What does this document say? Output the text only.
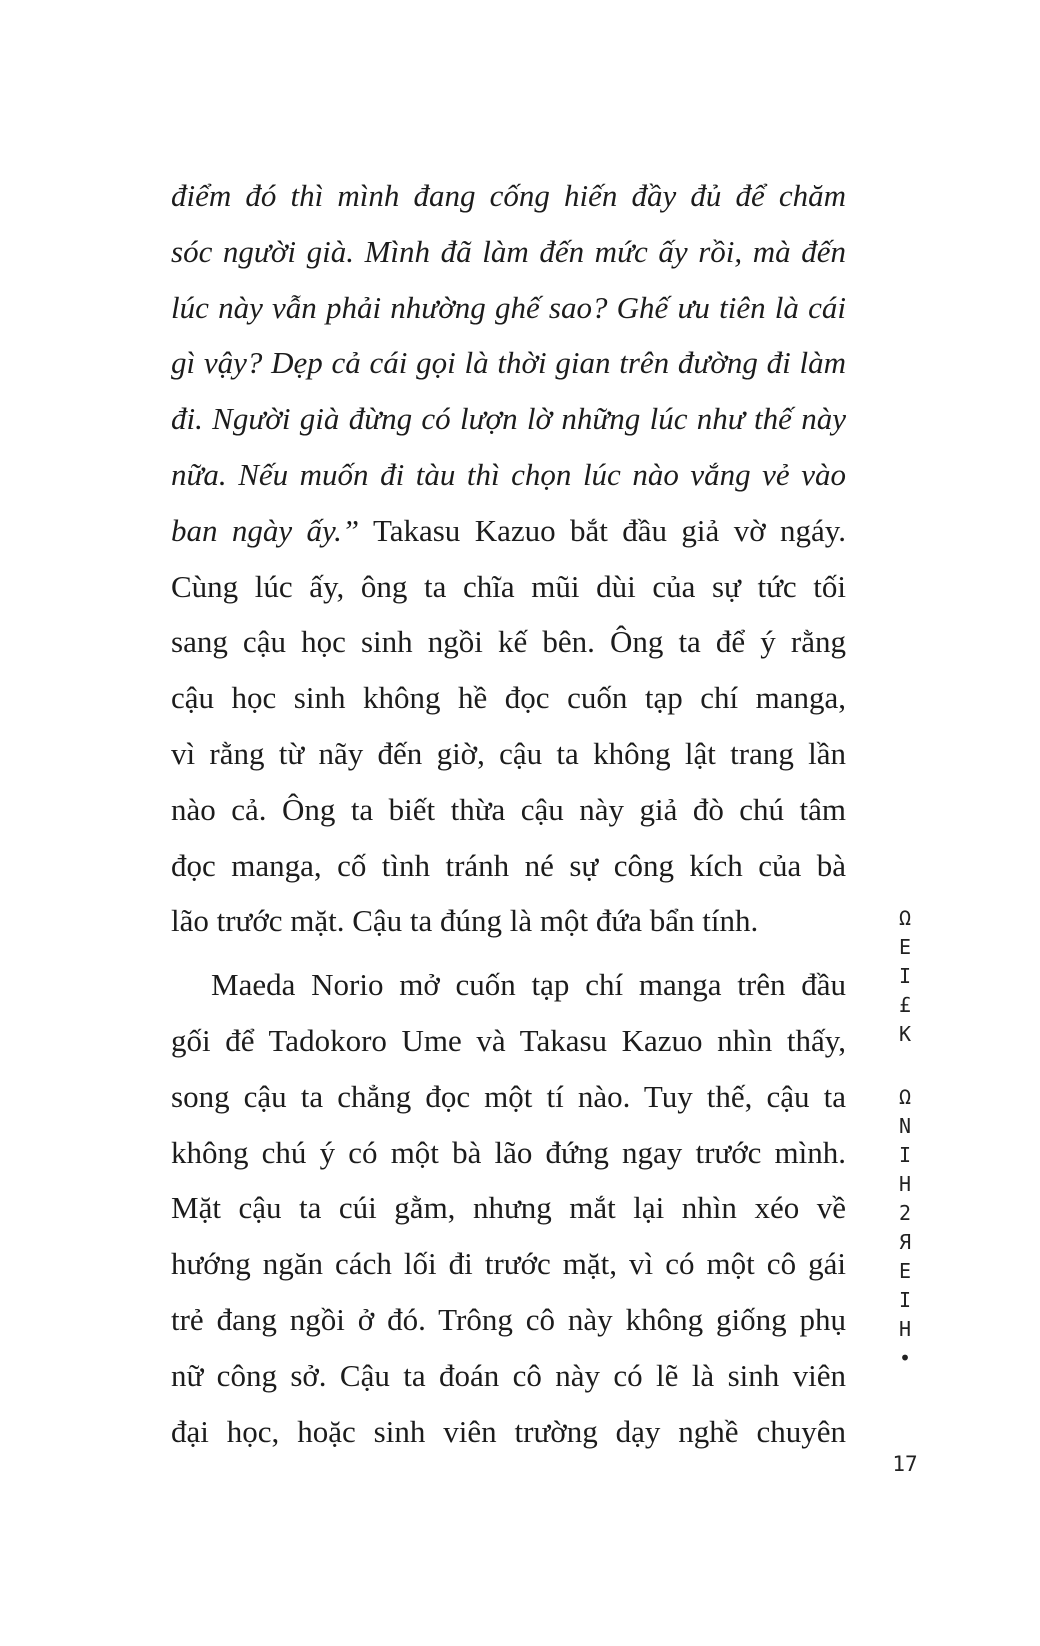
điểm đó thì mình đang cống hiến đầy đủ để chăm
sóc người già. Mình đã làm đến mức ấy rồi, mà đến
lúc này vẫn phải nhường ghế sao? Ghế ưu tiên là cái
gì vậy? Dẹp cả cái gọi là thời gian trên đường đi làm
đi. Người già đừng có lượn lờ những lúc như thế này
nữa. Nếu muốn đi tàu thì chọn lúc nào vắng vẻ vào
ban ngày ấy.” Takasu Kazuo bắt đầu giả vờ ngáy.
Cùng lúc ấy, ông ta chĩa mũi dùi của sự tức tối
sang cậu học sinh ngồi kế bên. Ông ta để ý rằng
cậu học sinh không hề đọc cuốn tạp chí manga,
vì rằng từ nãy đến giờ, cậu ta không lật trang lần
nào cả. Ông ta biết thừa cậu này giả đò chú tâm
đọc manga, cố tình tránh né sự công kích của bà
lão trước mặt. Cậu ta đúng là một đứa bẩn tính.
Maeda Norio mở cuốn tạp chí manga trên đầu
gối để Tadokoro Ume và Takasu Kazuo nhìn thấy,
song cậu ta chẳng đọc một tí nào. Tuy thế, cậu ta
không chú ý có một bà lão đứng ngay trước mình.
Mặt cậu ta cúi gằm, nhưng mắt lại nhìn xéo về
hướng ngăn cách lối đi trước mặt, vì có một cô gái
trẻ đang ngồi ở đó. Trông cô này không giống phụ
nữ công sở. Cậu ta đoán cô này có lẽ là sinh viên
đại học, hoặc sinh viên trường dạy nghề chuyên
Ω
E
I
£
K
Ω
N
I
H
2
Я
E
I
H
•
17
